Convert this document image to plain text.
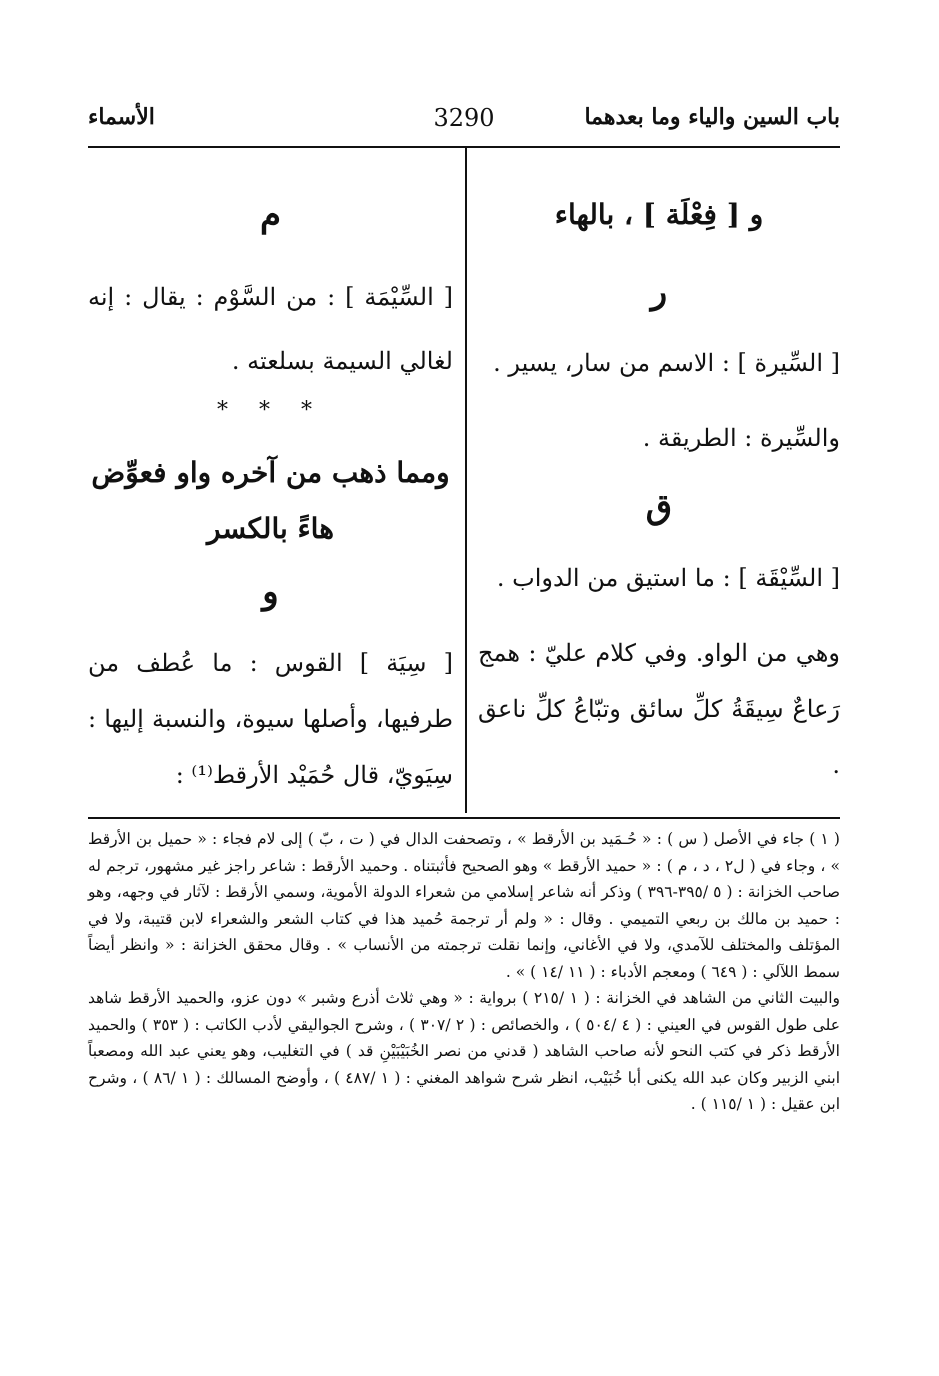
باب السين والياء وما بعدهما
3290
الأسماء
و [ فِعْلَة ] ، بالهاء
ر

[ السِّيرة ] : الاسم من سار، يسير .

والسِّيرة : الطريقة .

ق

[ السِّيْقَة ] : ما استيق من الدواب .

وهي من الواو. وفي كلام عليّ : همج رَعاعٌ سِيقَةُ كلِّ سائق وتبّاعُ كلِّ ناعق .

م

[ السِّيْمَة ] : من السَّوْم : يقال : إنه لغالي السيمة بسلعته .

* * *
ومما ذهب من آخره واو فعوِّض هاءً بالكسر
و

[ سِيَة ] القوس : ما عُطف من طرفيها، وأصلها سيوة، والنسبة إليها : سِيَويّ، قال حُمَيْد الأرقط⁽¹⁾ :

( ١ ) جاء في الأصل ( س ) : « حُـمَيد بن الأرقط » ، وتصحفت الدال في ( ت ، بّ ) إلى لام فجاء : « حميل بن الأرقط » ، وجاء في ( ل٢ ، د ، م ) : « حميد الأرقط » وهو الصحيح فأثبتناه . وحميد الأرقط : شاعر راجز غير مشهور، ترجم له صاحب الخزانة : ( ٥ /٣٩٥-٣٩٦ ) وذكر أنه شاعر إسلامي من شعراء الدولة الأموية، وسمي الأرقط : لآثار في وجهه، وهو : حميد بن مالك بن ربعي التميمي . وقال : « ولم أر ترجمة حُميد هذا في كتاب الشعر والشعراء لابن قتيبة، ولا في المؤتلف والمختلف للآمدي، ولا في الأغاني، وإنما نقلت ترجمته من الأنساب » . وقال محقق الخزانة : « وانظر أيضاً سمط اللآلي : ( ٦٤٩ ) ومعجم الأدباء : ( ١١ /١٤ ) » .

والبيت الثاني من الشاهد في الخزانة : ( ١ /٢١٥ ) برواية : « وهي ثلاث أذرع وشبر » دون عزو، والحميد الأرقط شاهد على طول القوس في العيني : ( ٤ /٥٠٤ ) ، والخصائص : ( ٢ /٣٠٧ ) ، وشرح الجواليقي لأدب الكاتب : ( ٣٥٣ ) والحميد الأرقط ذكر في كتب النحو لأنه صاحب الشاهد ( قدني من نصر الخُبَيْبَيْنِ قد ) في التغليب، وهو يعني عبد الله ومصعباً ابني الزبير وكان عبد الله يكنى أبا خُبَيْب، انظر شرح شواهد المغني : ( ١ /٤٨٧ ) ، وأوضح المسالك : ( ١ /٨٦ ) ، وشرح ابن عقيل : ( ١ /١١٥ ) .
